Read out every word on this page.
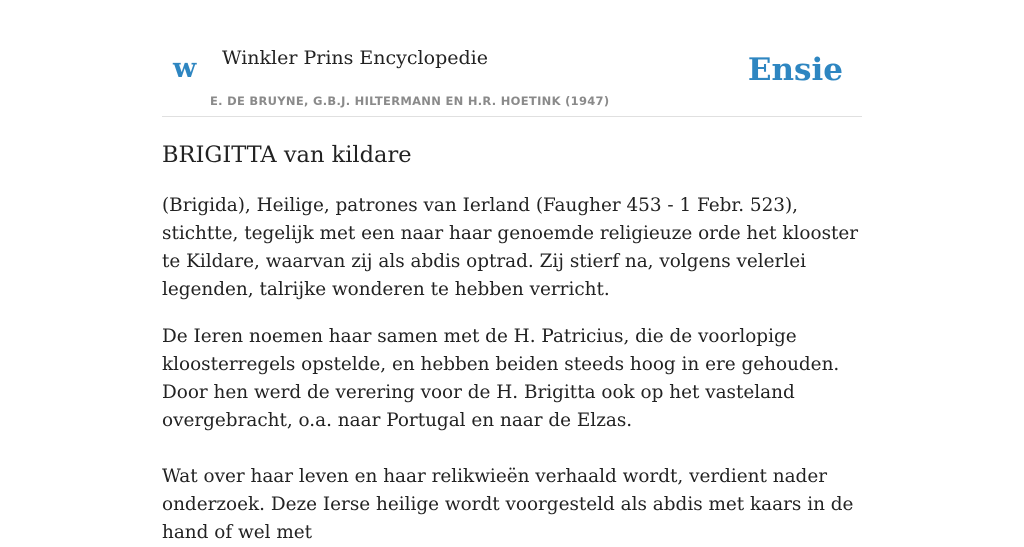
w Winkler Prins Encyclopedie	Ensie
E. DE BRUYNE, G.B.J. HILTERMANN EN H.R. HOETINK (1947)
BRIGITTA van kildare

(Brigida), Heilige, patrones van Ierland (Faugher 453 - 1 Febr. 523), stichtte, tegelijk met een naar haar genoemde religieuze orde het klooster te Kildare, waarvan zij als abdis optrad. Zij stierf na, volgens velerlei legenden, talrijke wonderen te hebben verricht.

De Ieren noemen haar samen met de H. Patricius, die de voorlopige kloosterregels opstelde, en hebben beiden steeds hoog in ere gehouden. Door hen werd de verering voor de H. Brigitta ook op het vasteland overgebracht, o.a. naar Portugal en naar de Elzas.

Wat over haar leven en haar relikwieën verhaald wordt, verdient nader onderzoek. Deze Ierse heilige wordt voorgesteld als abdis met kaars in de hand of wel met
